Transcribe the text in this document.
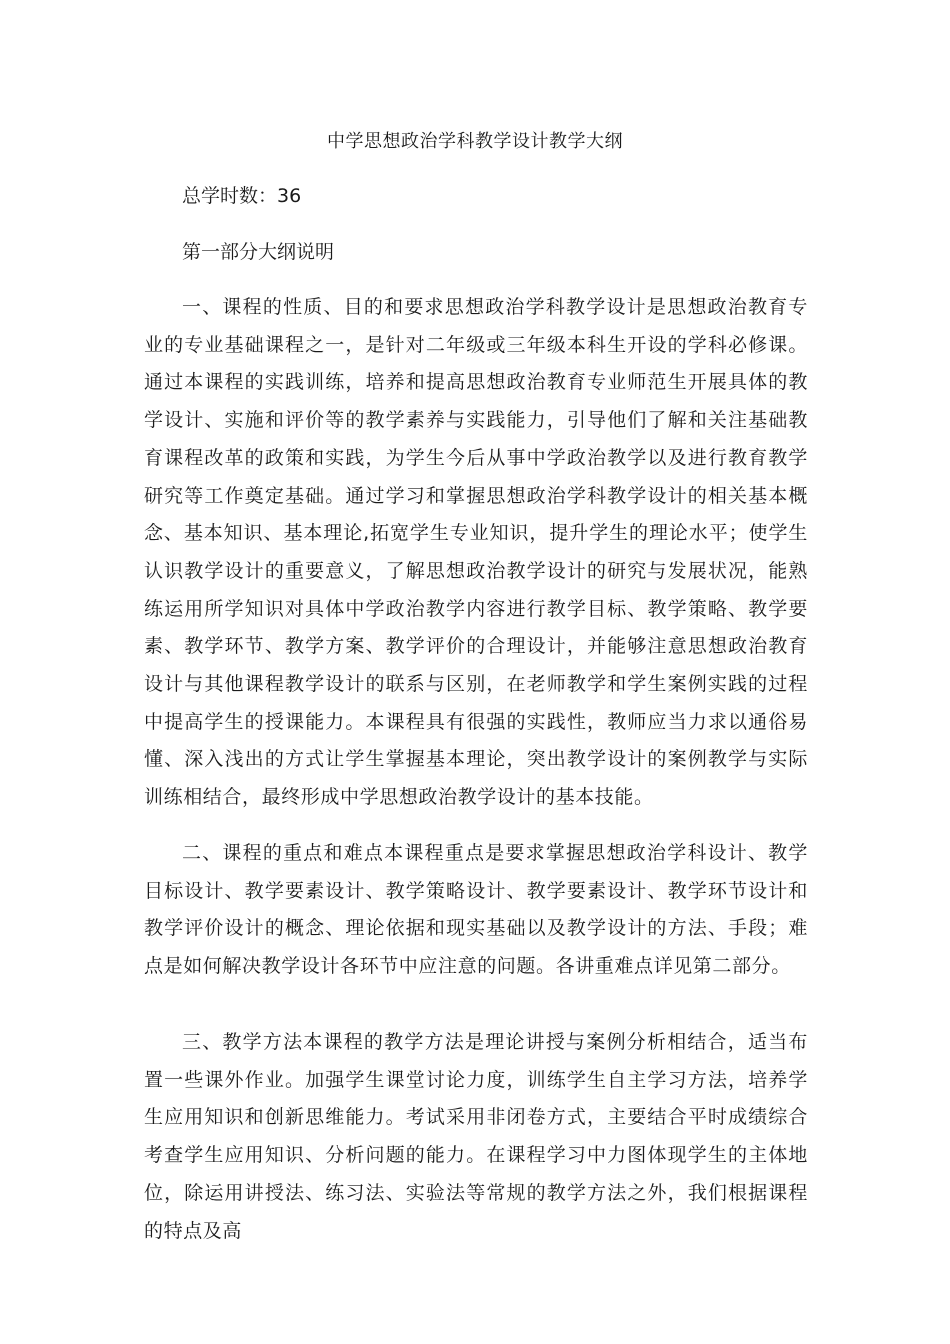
中学思想政治学科教学设计教学大纲
总学时数：36
第一部分大纲说明

一、课程的性质、目的和要求思想政治学科教学设计是思想政治教育专业的专业基础课程之一，是针对二年级或三年级本科生开设的学科必修课。通过本课程的实践训练，培养和提高思想政治教育专业师范生开展具体的教学设计、实施和评价等的教学素养与实践能力，引导他们了解和关注基础教育课程改革的政策和实践，为学生今后从事中学政治教学以及进行教育教学研究等工作奠定基础。通过学习和掌握思想政治学科教学设计的相关基本概念、基本知识、基本理论,拓宽学生专业知识，提升学生的理论水平；使学生认识教学设计的重要意义，了解思想政治教学设计的研究与发展状况，能熟练运用所学知识对具体中学政治教学内容进行教学目标、教学策略、教学要素、教学环节、教学方案、教学评价的合理设计，并能够注意思想政治教育设计与其他课程教学设计的联系与区别，在老师教学和学生案例实践的过程中提高学生的授课能力。本课程具有很强的实践性，教师应当力求以通俗易懂、深入浅出的方式让学生掌握基本理论，突出教学设计的案例教学与实际训练相结合，最终形成中学思想政治教学设计的基本技能。

二、课程的重点和难点本课程重点是要求掌握思想政治学科设计、教学目标设计、教学要素设计、教学策略设计、教学要素设计、教学环节设计和教学评价设计的概念、理论依据和现实基础以及教学设计的方法、手段；难点是如何解决教学设计各环节中应注意的问题。各讲重难点详见第二部分。

三、教学方法本课程的教学方法是理论讲授与案例分析相结合，适当布置一些课外作业。加强学生课堂讨论力度，训练学生自主学习方法，培养学生应用知识和创新思维能力。考试采用非闭卷方式，主要结合平时成绩综合考查学生应用知识、分析问题的能力。在课程学习中力图体现学生的主体地位，除运用讲授法、练习法、实验法等常规的教学方法之外，我们根据课程的特点及高
